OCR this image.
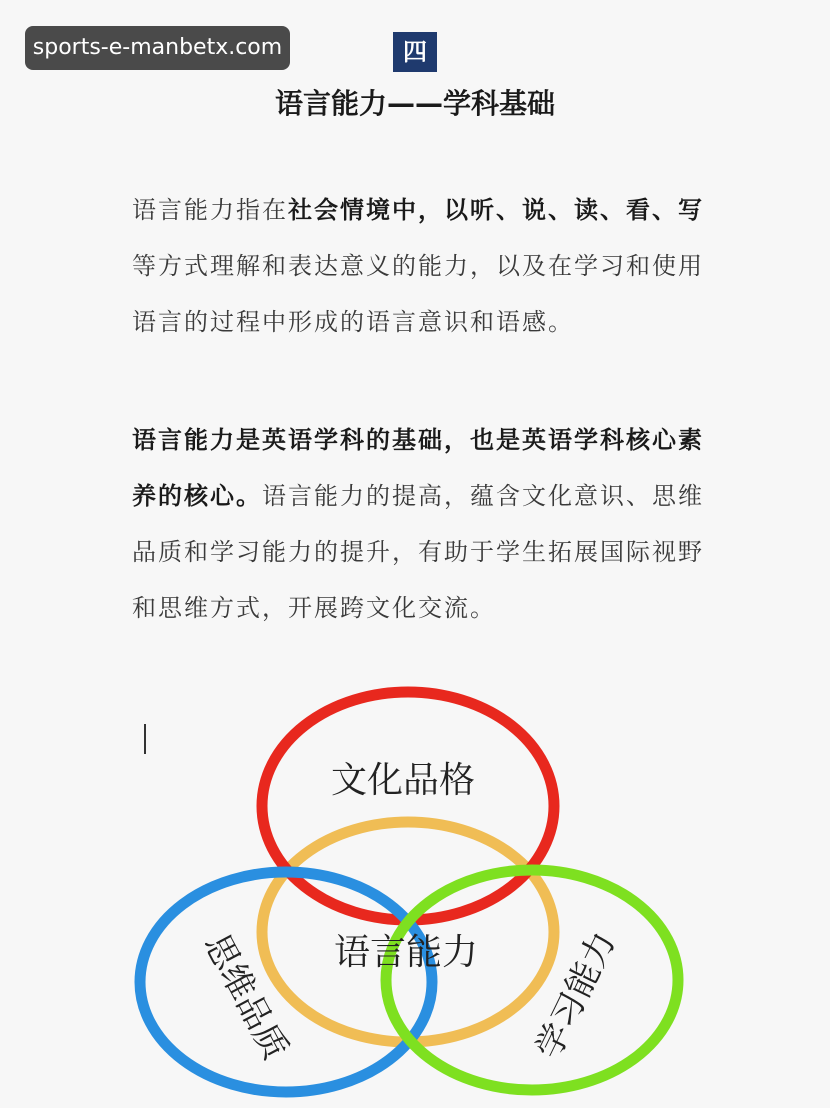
sports-e-manbetx.com	四
语言能力——学科基础
语言能力指在社会情境中，以听、说、读、看、写等方式理解和表达意义的能力，以及在学习和使用语言的过程中形成的语言意识和语感。
语言能力是英语学科的基础，也是英语学科核心素养的核心。语言能力的提高，蕴含文化意识、思维品质和学习能力的提升，有助于学生拓展国际视野和思维方式，开展跨文化交流。
文化品格
语言能力
思维品质	学习能力
